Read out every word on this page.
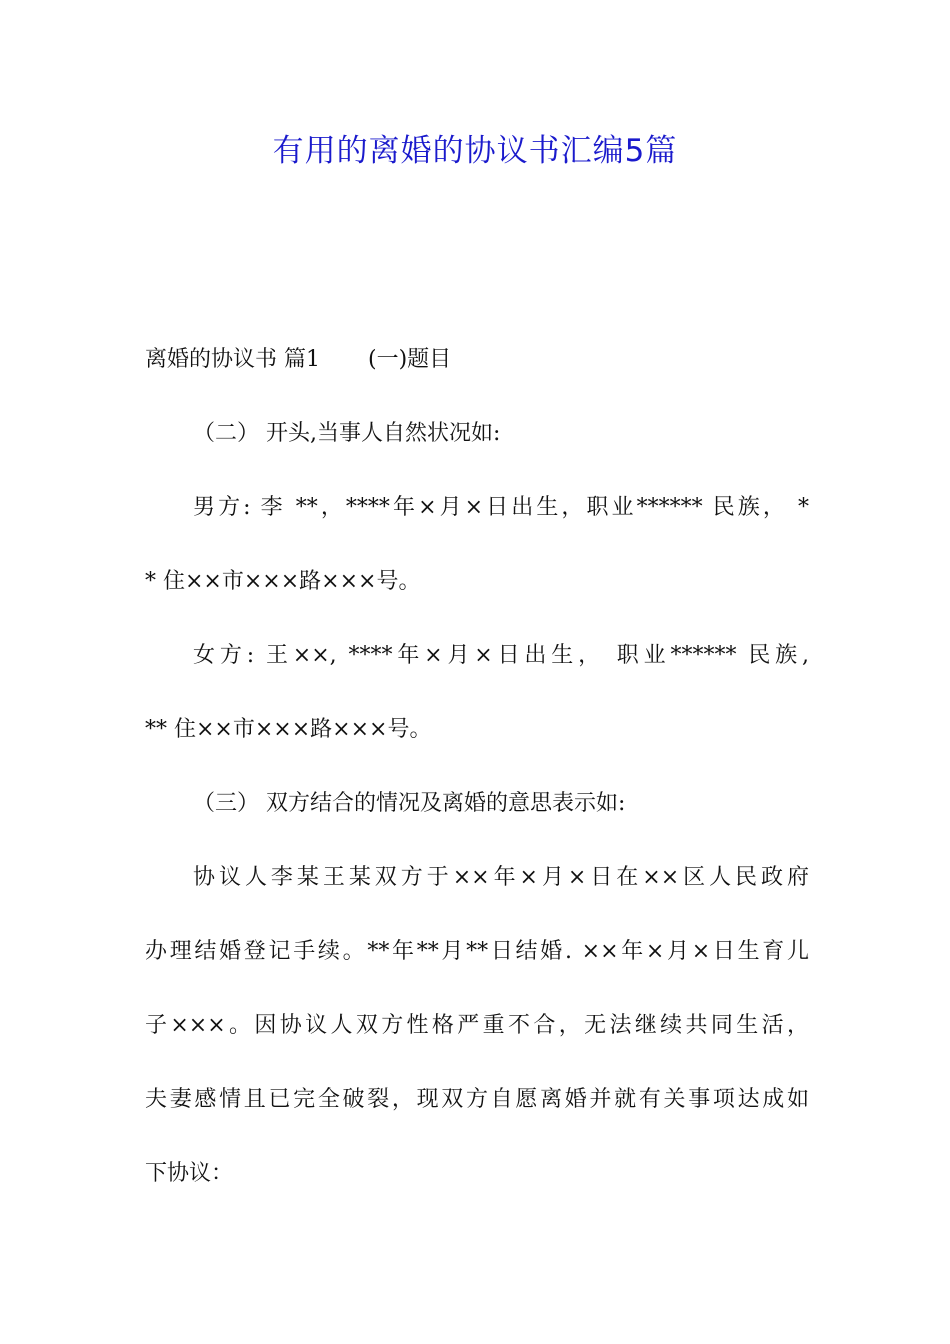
有用的离婚的协议书汇编5篇
离婚的协议书 篇1 (一)题目
（二） 开头,当事人自然状况如:
男方: 李 **，****年×月×日出生，职业****** 民族， *
* 住××市×××路×××号。
女方: 王××, ****年×月×日出生， 职业****** 民族,
** 住××市×××路×××号。
（三） 双方结合的情况及离婚的意思表示如:
协议人李某王某双方于××年×月×日在××区人民政府
办理结婚登记手续。**年**月**日结婚. ××年×月×日生育儿
子×××。因协议人双方性格严重不合，无法继续共同生活，
夫妻感情且已完全破裂，现双方自愿离婚并就有关事项达成如
下协议：
